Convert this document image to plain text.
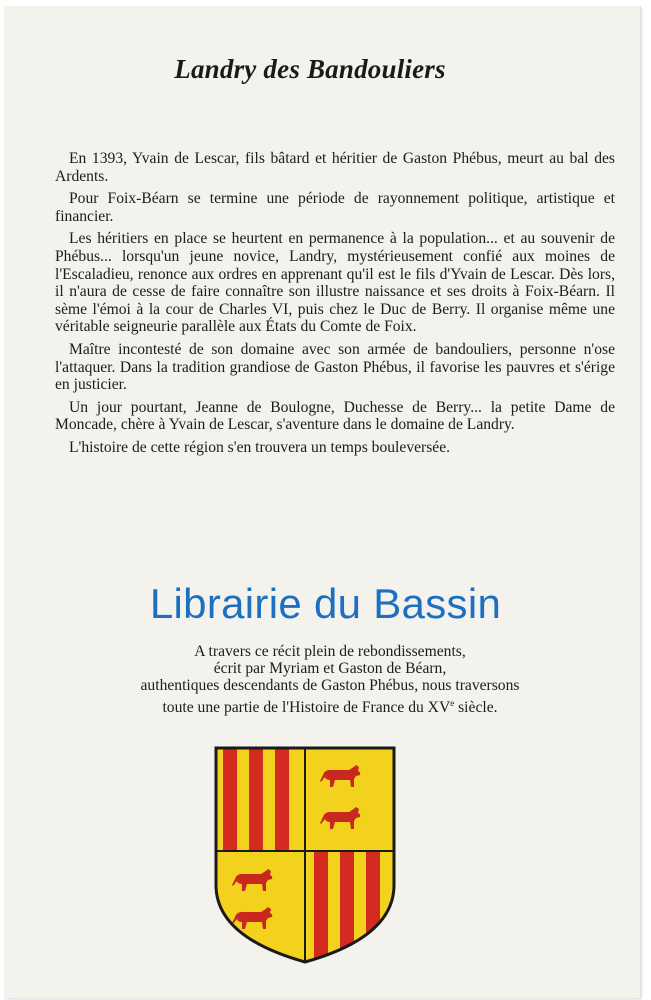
Landry des Bandouliers

En 1393, Yvain de Lescar, fils bâtard et héritier de Gaston Phébus, meurt au bal des Ardents.

Pour Foix-Béarn se termine une période de rayonnement politique, artistique et financier.

Les héritiers en place se heurtent en permanence à la population... et au souvenir de Phébus... lorsqu'un jeune novice, Landry, mystérieusement confié aux moines de l'Escaladieu, renonce aux ordres en apprenant qu'il est le fils d'Yvain de Lescar. Dès lors, il n'aura de cesse de faire connaître son illustre naissance et ses droits à Foix-Béarn. Il sème l'émoi à la cour de Charles VI, puis chez le Duc de Berry. Il organise même une véritable seigneurie parallèle aux États du Comte de Foix.

Maître incontesté de son domaine avec son armée de bandouliers, personne n'ose l'attaquer. Dans la tradition grandiose de Gaston Phébus, il favorise les pauvres et s'érige en justicier.

Un jour pourtant, Jeanne de Boulogne, Duchesse de Berry... la petite Dame de Moncade, chère à Yvain de Lescar, s'aventure dans le domaine de Landry.

L'histoire de cette région s'en trouvera un temps bouleversée.

Librairie du Bassin
A travers ce récit plein de rebondissements,
écrit par Myriam et Gaston de Béarn,
authentiques descendants de Gaston Phébus, nous traversons
toute une partie de l'Histoire de France du XVe siècle.
